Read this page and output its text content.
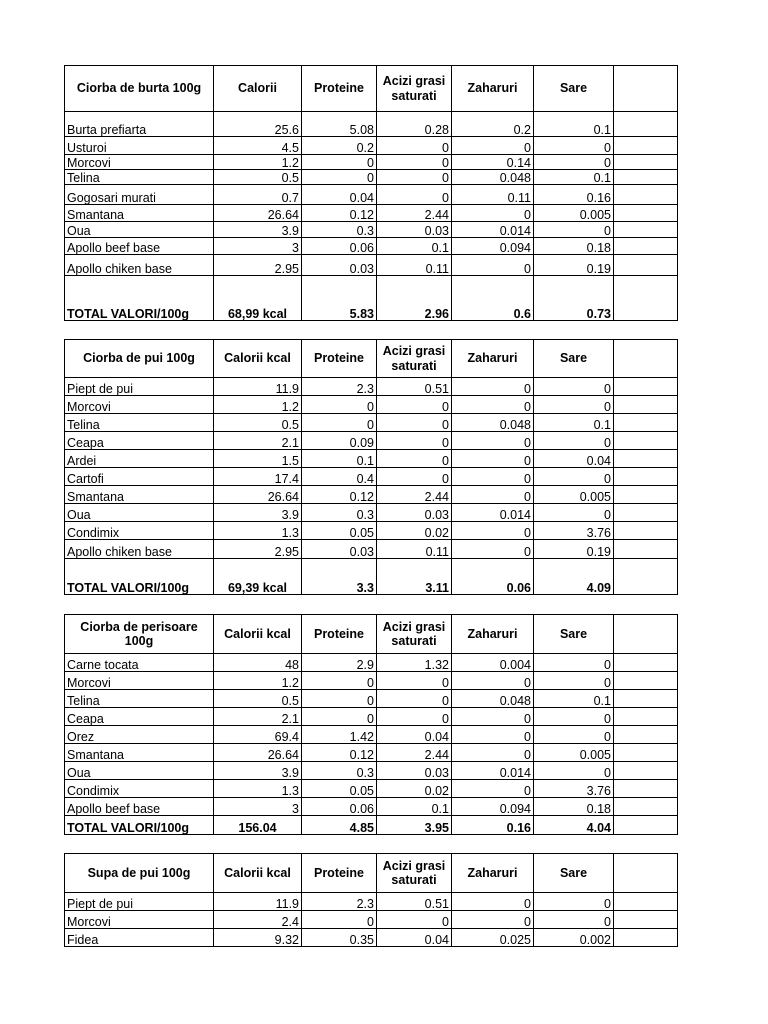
Ciorba de burta 100g	Calorii	Proteine	Acizi grasi saturati	Zaharuri	Sare	
Burta prefiarta	25.6	5.08	0.28	0.2	0.1	
Usturoi	4.5	0.2	0	0	0	
Morcovi	1.2	0	0	0.14	0	
Telina	0.5	0	0	0.048	0.1	
Gogosari murati	0.7	0.04	0	0.11	0.16	
Smantana	26.64	0.12	2.44	0	0.005	
Oua	3.9	0.3	0.03	0.014	0	
Apollo beef base	3	0.06	0.1	0.094	0.18	
Apollo chiken base	2.95	0.03	0.11	0	0.19	
TOTAL VALORI/100g	68,99 kcal	5.83	2.96	0.6	0.73	
Ciorba de pui 100g	Calorii kcal	Proteine	Acizi grasi saturati	Zaharuri	Sare	
Piept de pui	11.9	2.3	0.51	0	0	
Morcovi	1.2	0	0	0	0	
Telina	0.5	0	0	0.048	0.1	
Ceapa	2.1	0.09	0	0	0	
Ardei	1.5	0.1	0	0	0.04	
Cartofi	17.4	0.4	0	0	0	
Smantana	26.64	0.12	2.44	0	0.005	
Oua	3.9	0.3	0.03	0.014	0	
Condimix	1.3	0.05	0.02	0	3.76	
Apollo chiken base	2.95	0.03	0.11	0	0.19	
TOTAL VALORI/100g	69,39 kcal	3.3	3.11	0.06	4.09	
Ciorba de perisoare 100g	Calorii kcal	Proteine	Acizi grasi saturati	Zaharuri	Sare	
Carne tocata	48	2.9	1.32	0.004	0	
Morcovi	1.2	0	0	0	0	
Telina	0.5	0	0	0.048	0.1	
Ceapa	2.1	0	0	0	0	
Orez	69.4	1.42	0.04	0	0	
Smantana	26.64	0.12	2.44	0	0.005	
Oua	3.9	0.3	0.03	0.014	0	
Condimix	1.3	0.05	0.02	0	3.76	
Apollo beef base	3	0.06	0.1	0.094	0.18	
TOTAL VALORI/100g	156.04	4.85	3.95	0.16	4.04	
Supa de pui 100g	Calorii kcal	Proteine	Acizi grasi saturati	Zaharuri	Sare	
Piept de pui	11.9	2.3	0.51	0	0	
Morcovi	2.4	0	0	0	0	
Fidea	9.32	0.35	0.04	0.025	0.002	
